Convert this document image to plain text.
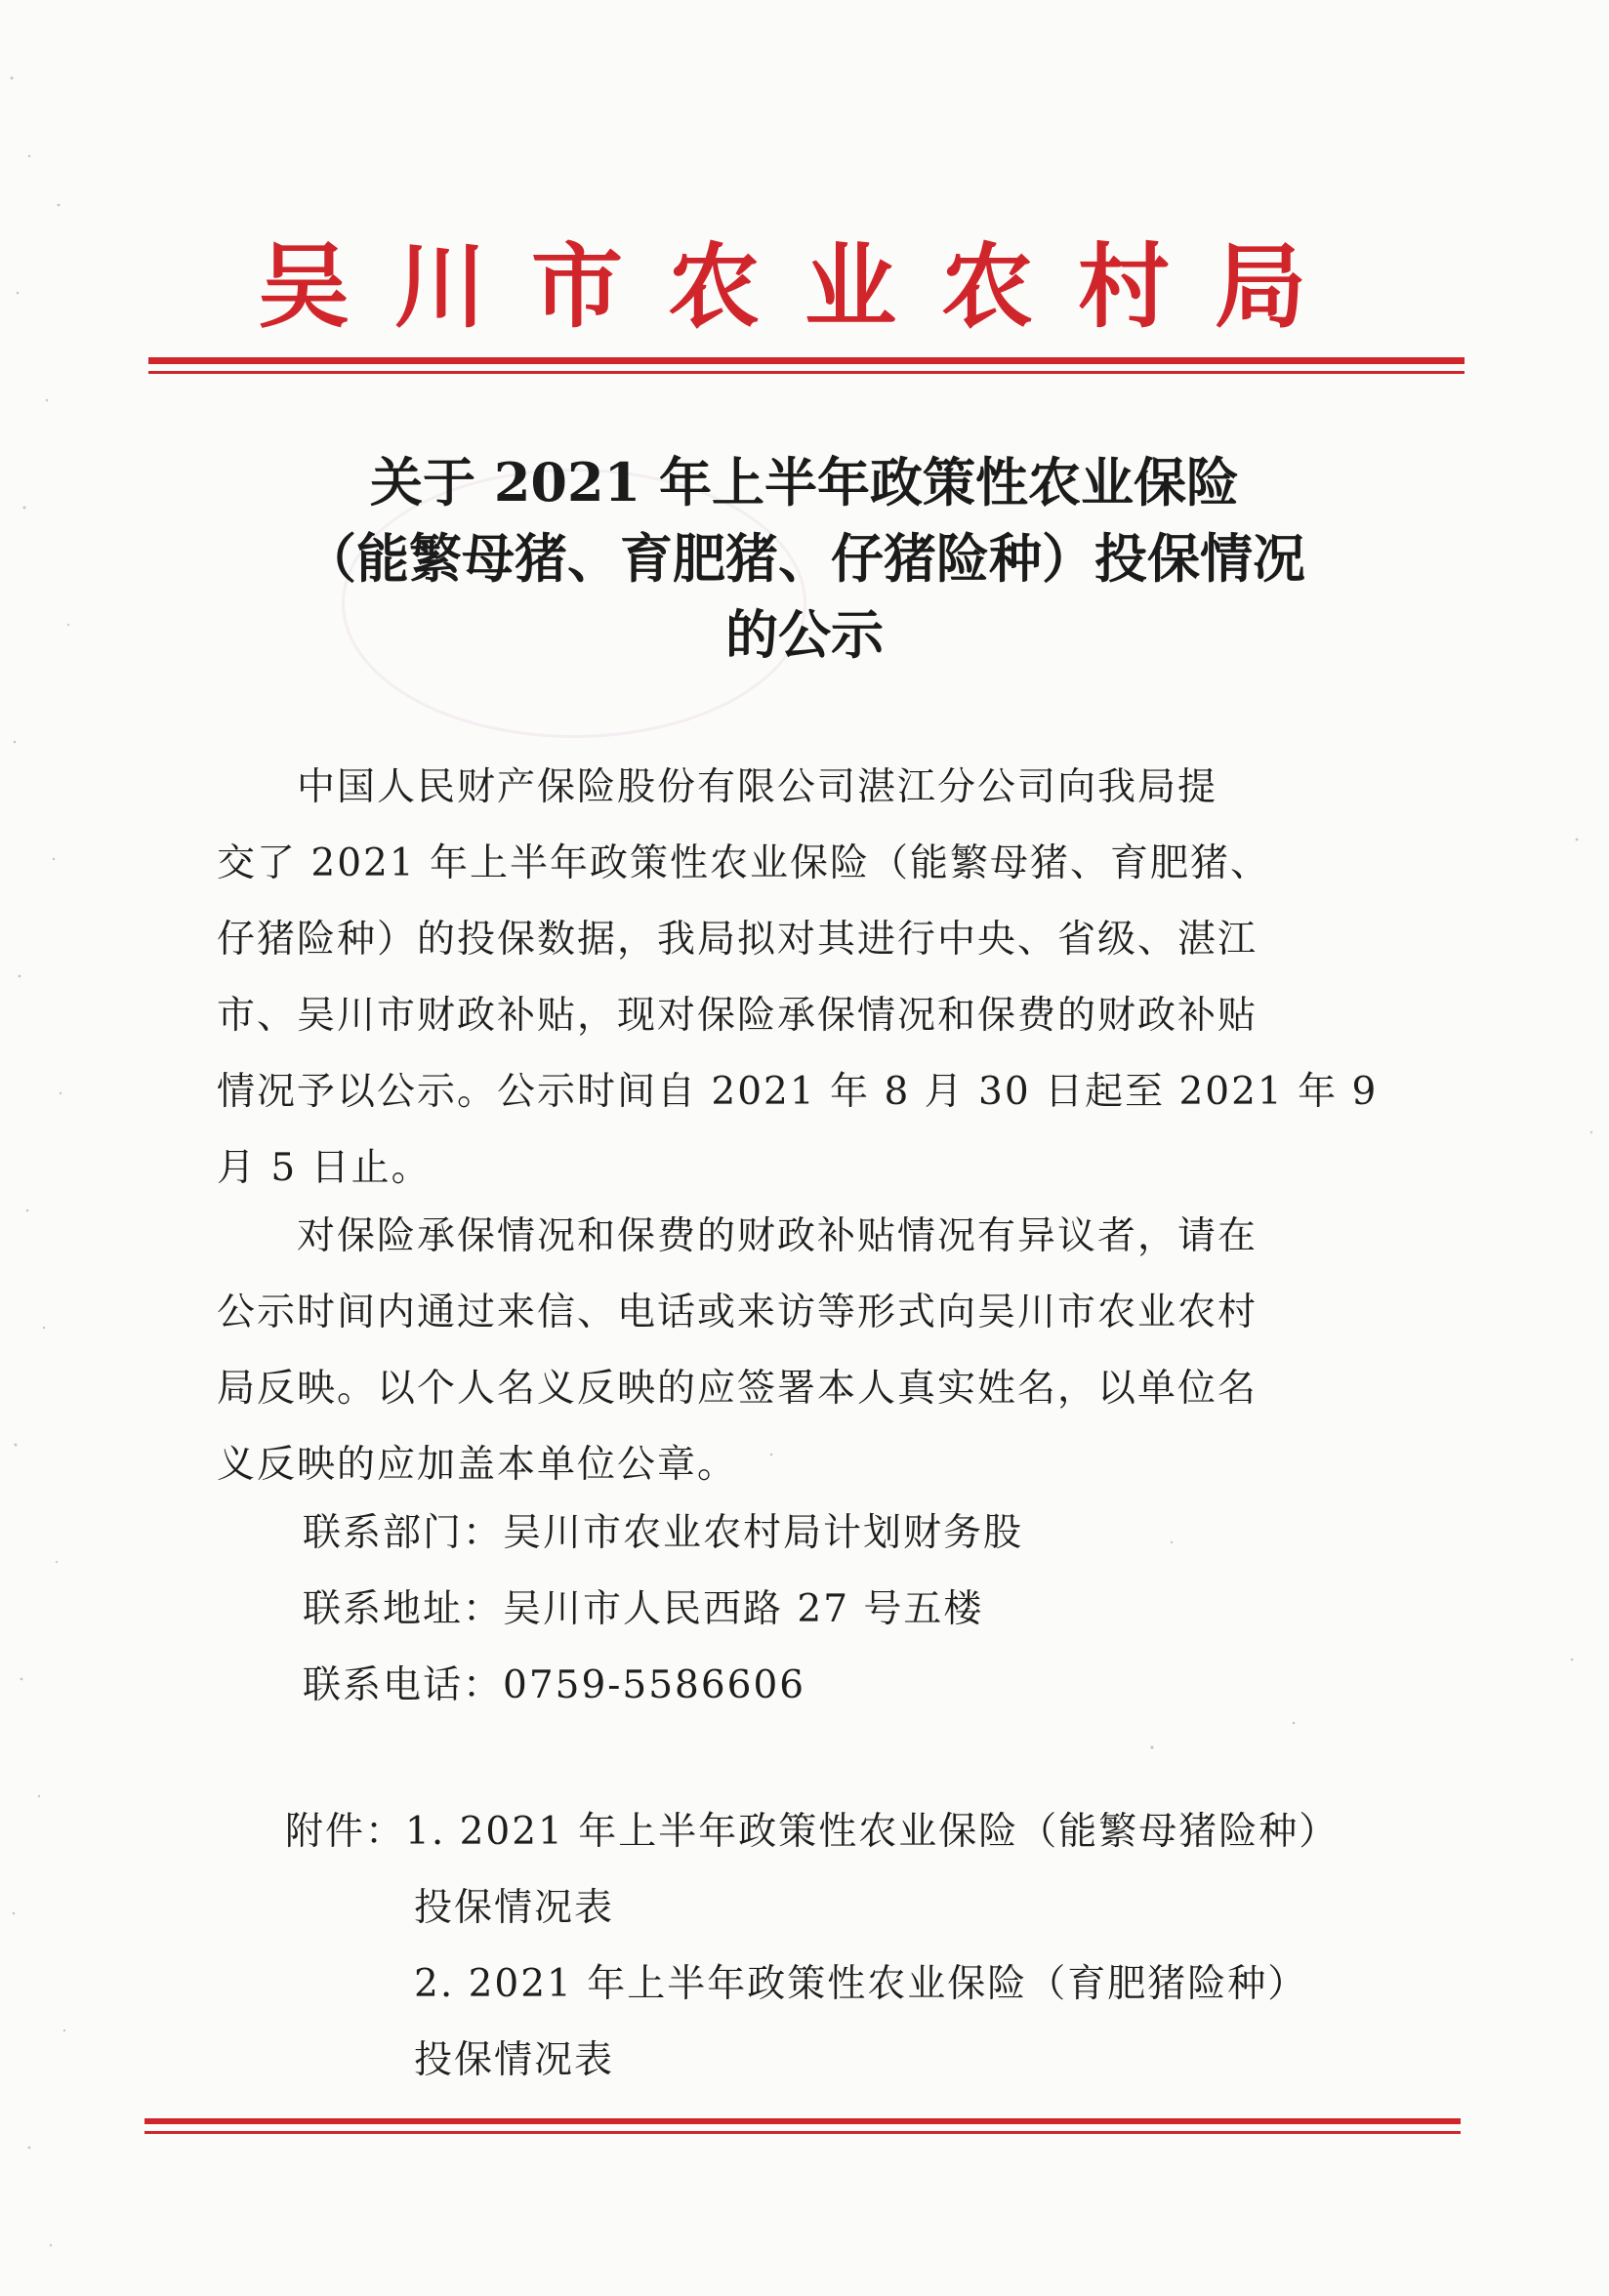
吴川市农业农村局
关于 2021 年上半年政策性农业保险
（能繁母猪、育肥猪、仔猪险种）投保情况
的公示
　　中国人民财产保险股份有限公司湛江分公司向我局提
交了 2021 年上半年政策性农业保险（能繁母猪、育肥猪、
仔猪险种）的投保数据，我局拟对其进行中央、省级、湛江
市、吴川市财政补贴，现对保险承保情况和保费的财政补贴
情况予以公示。公示时间自 2021 年 8 月 30 日起至 2021 年 9
月 5 日止。
　　对保险承保情况和保费的财政补贴情况有异议者，请在
公示时间内通过来信、电话或来访等形式向吴川市农业农村
局反映。以个人名义反映的应签署本人真实姓名，以单位名
义反映的应加盖本单位公章。
联系部门：吴川市农业农村局计划财务股
联系地址：吴川市人民西路 27 号五楼
联系电话：0759-5586606
附件：1. 2021 年上半年政策性农业保险（能繁母猪险种）
投保情况表
2. 2021 年上半年政策性农业保险（育肥猪险种）
投保情况表
